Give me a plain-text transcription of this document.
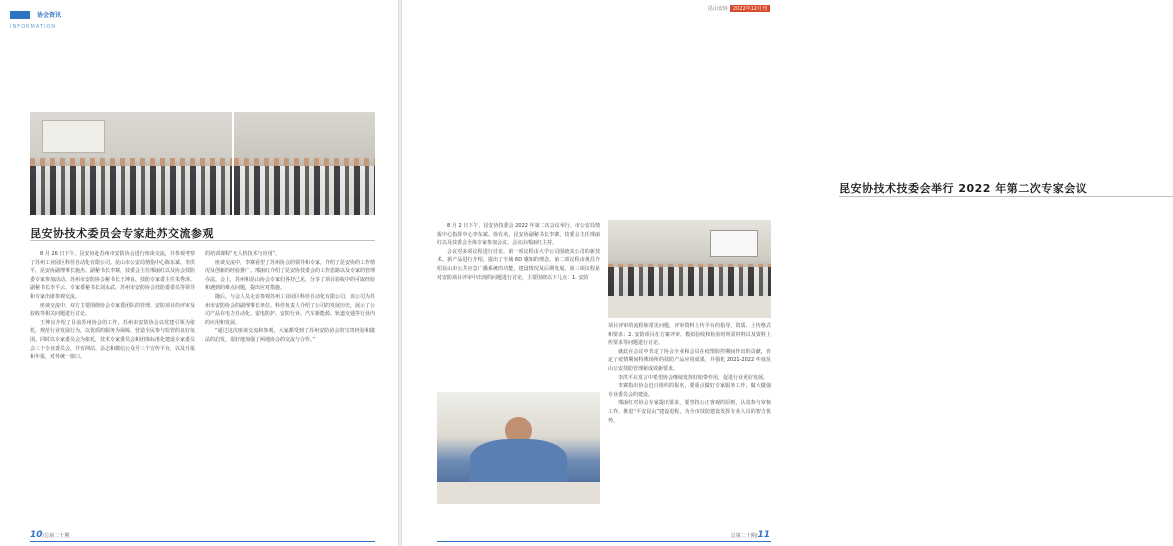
协会资讯
INFORMATION
昆安协技术委员会专家赴苏交流参观

8 月 26 日下午，昆安协赴苏州市安防协会进行座谈交流，并参观考察了苏州工业园区科佳自动化有限公司。昆山市公安局情指中心陈东斌、李洪平，昆安协副理事长施杰、副秘书长李寨，技委会主任邢丽红以及协会技防委专家参加活动。苏州市安防协会秘书长王坤良、技防专家委主任朱秀淳、副秘书长李平云、专家委秘书长刘永武，苏州市安防协会技防委委员等领导和专家出席参观交流。

座谈交流中，双方主要围绕协会专家委团队的管理、安防项目的评审及验收等相关问题进行讨论。

王坤良介绍了目前苏州协会的工作。苏州市安防协会以党建引领为依托，规范行业发展行为，以优质的服务为保障，营造全民参与监管的良好氛围。同时以专家委员会为依托，技术专家委员会和团体标准化建设专家委员会三个专业委员会，并有网站、杂志和微信公众号三个宣传平台，以及月报和年报，对外统一窗口。

的培训课程“无人机技术与应用”。

座谈交流中，李寨看望了苏州协会的领导和专家，介绍了昆安协的工作情况及创新的经验推广。邢丽红介绍了昆安协技委会的工作思路以及专家的管理办法。会上，苏州和昆山协会专家们各抒己见，分享了项目验收中的可取经验和遇到的难点问题，提出应对措施。

随后，与会人员走访参观苏州工业园区科佳自动化有限公司，该公司为苏州市安防协会的副理事长单位。科佳负责人介绍了公司的发展历史，展示了公司产品在电力自动化、雷电防护、安防行业、汽车新能源、轨道交通等行业内的应用和发展。

“通过这次座谈交流和参观，大家都受到了苏州安防协会的宝贵经验和做法的启发，很好地加强了两地协会的交流与合作。”

10/总第二十期
昆山安协 2022年12月刊
昆安协技术技委会举行 2022 年第二次专家会议

8 月 2 日下午，昆安协技委会 2022 年第二次会议举行。市公安局情报中心指挥中心李东斌、徐有名，昆安协副秘书长李寨，技委会主任邢丽红以及技委会全体专家参加会议。会议由邢丽红主持。

会议对多项议程进行讨论。第一项议程由大学公司围绕其公司的新技术、新产品进行介绍，提出了全域 6D 感知的理念。第二项议程由黄昌介绍昆山市公共应急广播系统的功能，建设情况及后期发展。第三项议程是对安防项目评审中出现的问题进行讨论，主要围绕以下几点：1. 安防

项目评审的流程和常见问题，评审资料上传平台的指导，资质、上传格式和要求；2. 安防项目在方案评审、模拟验收和检验时所需材料以及资料上传要求等问题进行讨论。

就此在会议中肯定了协会全业和会员在疫情防控期间作出的贡献，肯定了疫情期间特殊场所的技防产品应用成果，并强化 2021-2022 年度昆山公安技防管理新成效新要求。

李洪平在发言中希望协会继续发挥好纽带作用，促进行业更好发展。

李寨指出协会近日组织的报名，要重点做好专家服务工作，做大做强专业委员会的建设。

邢丽红对协会专家提出要求，要坚持公正客观的原则，认真参与审核工作，推进“平安昆山”建设进程，为全市技防建设发挥专业人员的智力优势。

总第二十期/11
